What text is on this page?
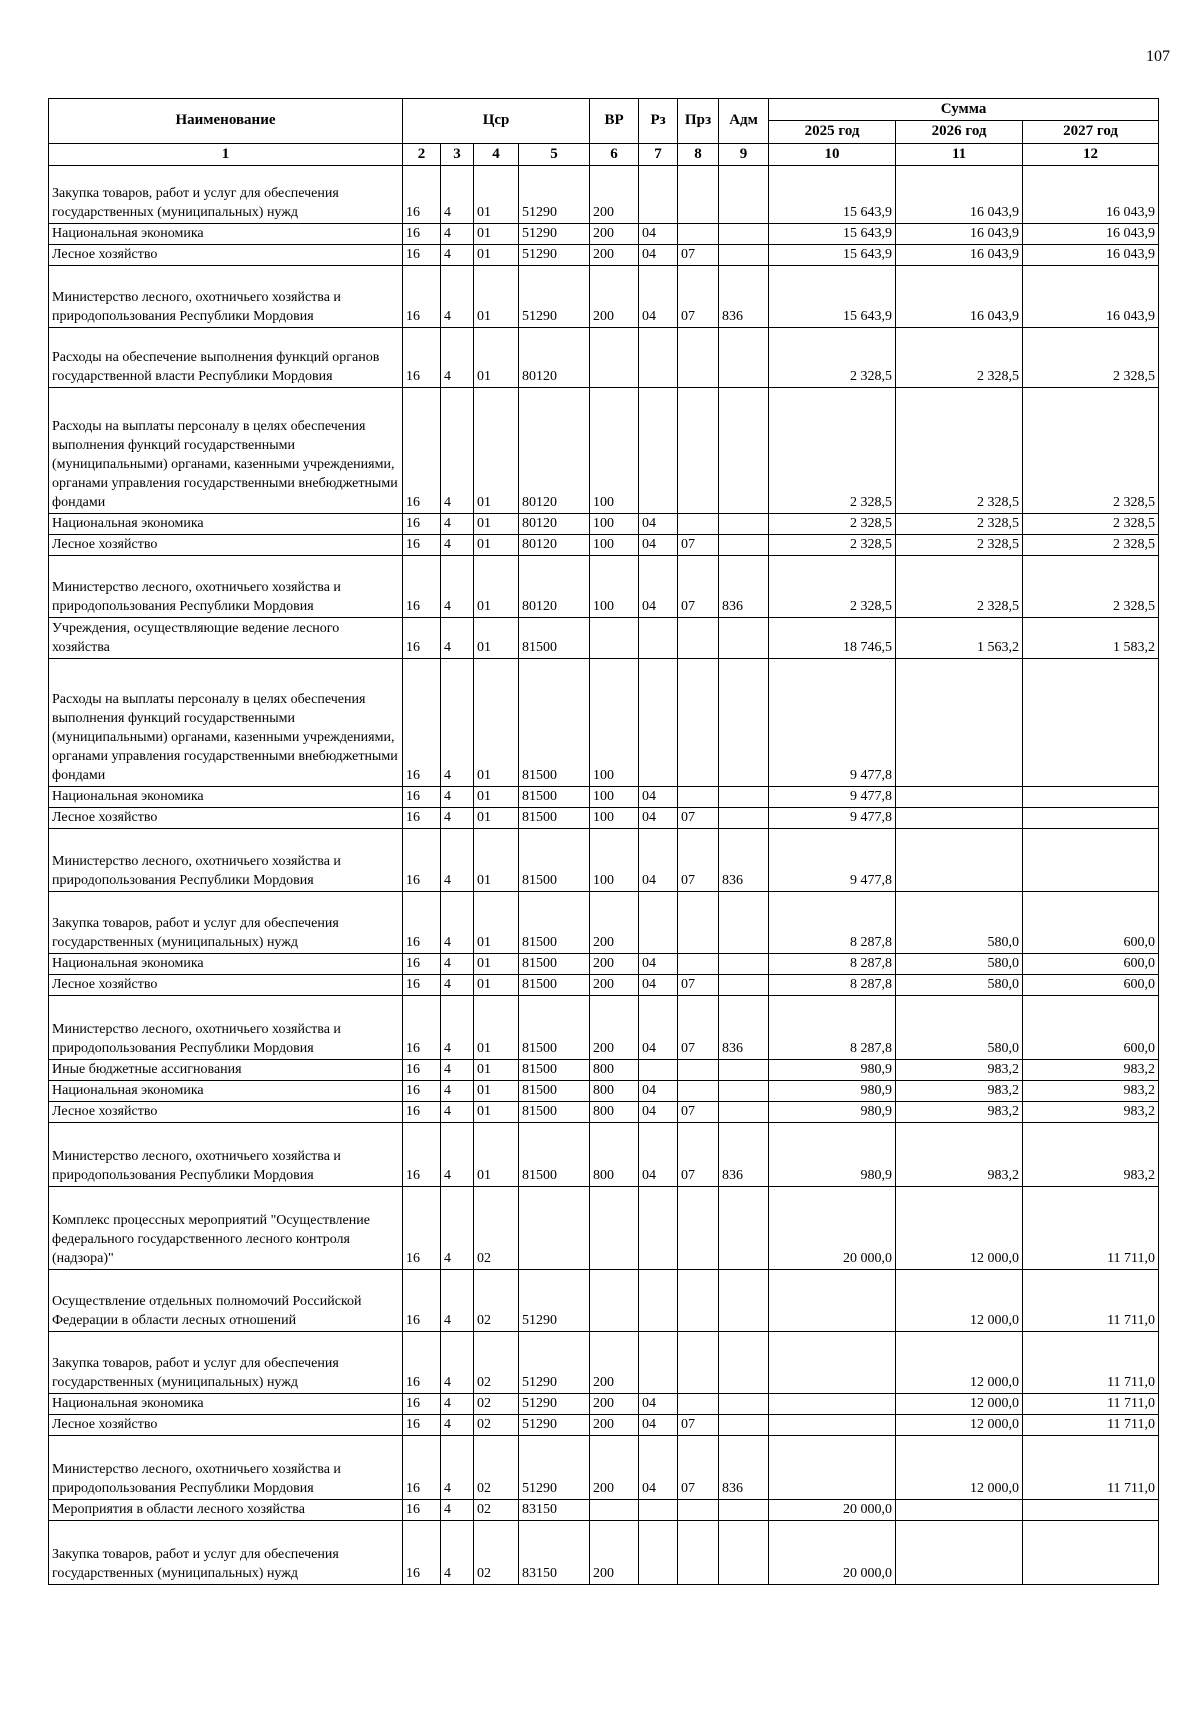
107
Наименование	Цср				ВР	Рз	Прз	Адм	Сумма		
									2025 год	2026 год	2027 год
1	2	3	4	5	6	7	8	9	10	11	12
Закупка товаров, работ и услуг для обеспечения государственных (муниципальных) нужд	16	4	01	51290	200				15 643,9	16 043,9	16 043,9
Национальная экономика	16	4	01	51290	200	04			15 643,9	16 043,9	16 043,9
Лесное хозяйство	16	4	01	51290	200	04	07		15 643,9	16 043,9	16 043,9
Министерство лесного, охотничьего хозяйства и природопользования Республики Мордовия	16	4	01	51290	200	04	07	836	15 643,9	16 043,9	16 043,9
Расходы на обеспечение выполнения функций органов государственной власти Республики Мордовия	16	4	01	80120					2 328,5	2 328,5	2 328,5
Расходы на выплаты персоналу в целях обеспечения выполнения функций государственными (муниципальными) органами, казенными учреждениями, органами управления государственными внебюджетными фондами	16	4	01	80120	100				2 328,5	2 328,5	2 328,5
Национальная экономика	16	4	01	80120	100	04			2 328,5	2 328,5	2 328,5
Лесное хозяйство	16	4	01	80120	100	04	07		2 328,5	2 328,5	2 328,5
Министерство лесного, охотничьего хозяйства и природопользования Республики Мордовия	16	4	01	80120	100	04	07	836	2 328,5	2 328,5	2 328,5
Учреждения, осуществляющие ведение лесного хозяйства	16	4	01	81500					18 746,5	1 563,2	1 583,2
Расходы на выплаты персоналу в целях обеспечения выполнения функций государственными (муниципальными) органами, казенными учреждениями, органами управления государственными внебюджетными фондами	16	4	01	81500	100				9 477,8		
Национальная экономика	16	4	01	81500	100	04			9 477,8		
Лесное хозяйство	16	4	01	81500	100	04	07		9 477,8		
Министерство лесного, охотничьего хозяйства и природопользования Республики Мордовия	16	4	01	81500	100	04	07	836	9 477,8		
Закупка товаров, работ и услуг для обеспечения государственных (муниципальных) нужд	16	4	01	81500	200				8 287,8	580,0	600,0
Национальная экономика	16	4	01	81500	200	04			8 287,8	580,0	600,0
Лесное хозяйство	16	4	01	81500	200	04	07		8 287,8	580,0	600,0
Министерство лесного, охотничьего хозяйства и природопользования Республики Мордовия	16	4	01	81500	200	04	07	836	8 287,8	580,0	600,0
Иные бюджетные ассигнования	16	4	01	81500	800				980,9	983,2	983,2
Национальная экономика	16	4	01	81500	800	04			980,9	983,2	983,2
Лесное хозяйство	16	4	01	81500	800	04	07		980,9	983,2	983,2
Министерство лесного, охотничьего хозяйства и природопользования Республики Мордовия	16	4	01	81500	800	04	07	836	980,9	983,2	983,2
Комплекс процессных мероприятий "Осуществление федерального государственного лесного контроля (надзора)"	16	4	02						20 000,0	12 000,0	11 711,0
Осуществление отдельных полномочий Российской Федерации в области лесных отношений	16	4	02	51290						12 000,0	11 711,0
Закупка товаров, работ и услуг для обеспечения государственных (муниципальных) нужд	16	4	02	51290	200					12 000,0	11 711,0
Национальная экономика	16	4	02	51290	200	04				12 000,0	11 711,0
Лесное хозяйство	16	4	02	51290	200	04	07			12 000,0	11 711,0
Министерство лесного, охотничьего хозяйства и природопользования Республики Мордовия	16	4	02	51290	200	04	07	836		12 000,0	11 711,0
Мероприятия в области лесного хозяйства	16	4	02	83150					20 000,0		
Закупка товаров, работ и услуг для обеспечения государственных (муниципальных) нужд	16	4	02	83150	200				20 000,0		
